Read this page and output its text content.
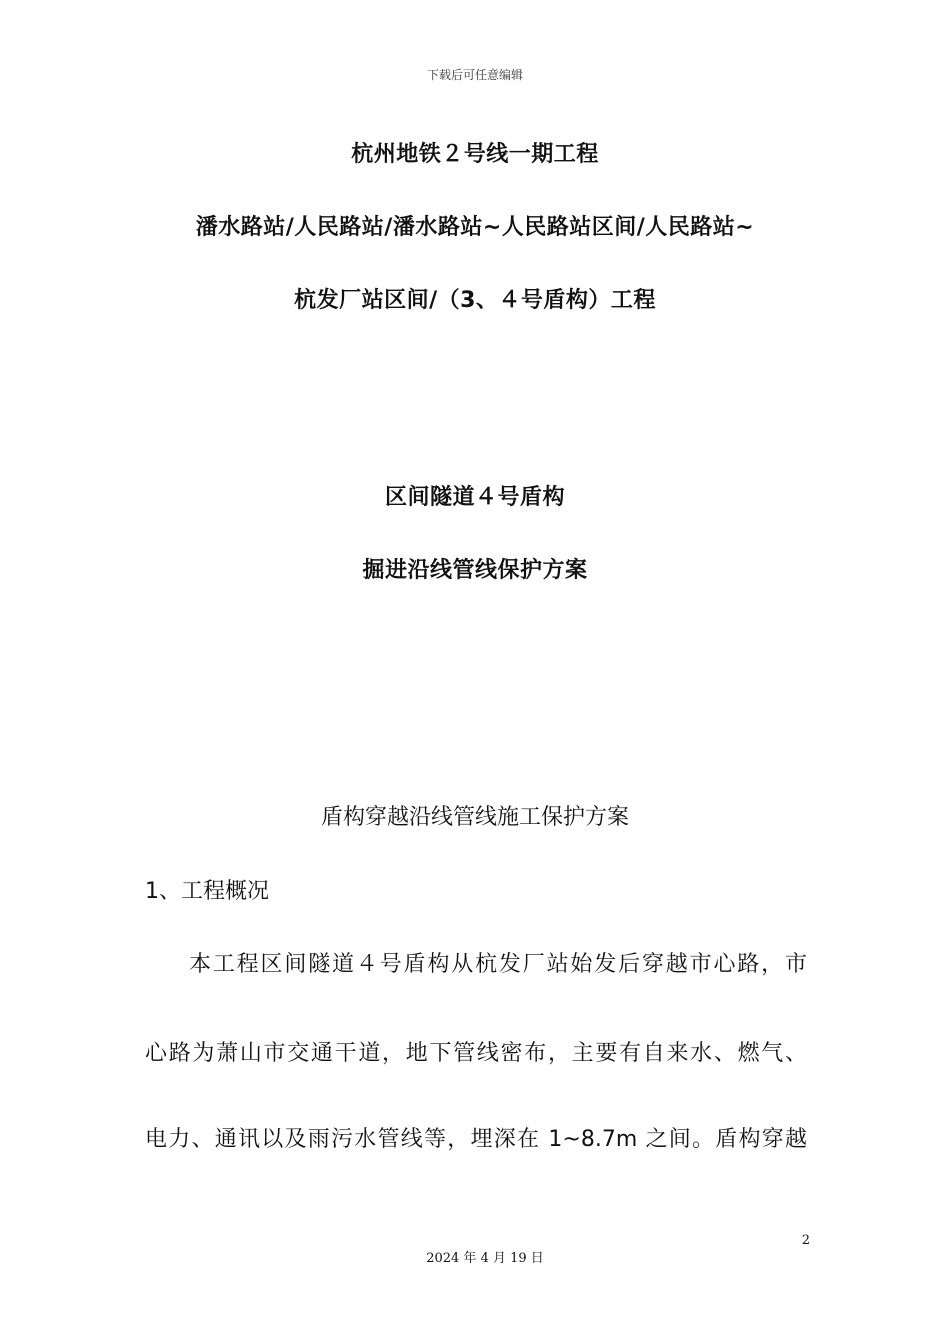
下载后可任意编辑
杭州地铁２号线一期工程
潘水路站/人民路站/潘水路站~人民路站区间/人民路站~
杭发厂站区间/（3、４号盾构）工程
区间隧道４号盾构
掘进沿线管线保护方案
盾构穿越沿线管线施工保护方案
1、工程概况
本工程区间隧道４号盾构从杭发厂站始发后穿越市心路，市
心路为萧山市交通干道，地下管线密布，主要有自来水、燃气、
电力、通讯以及雨污水管线等，埋深在 1~8.7m 之间。盾构穿越
2
2024 年 4 月 19 日
